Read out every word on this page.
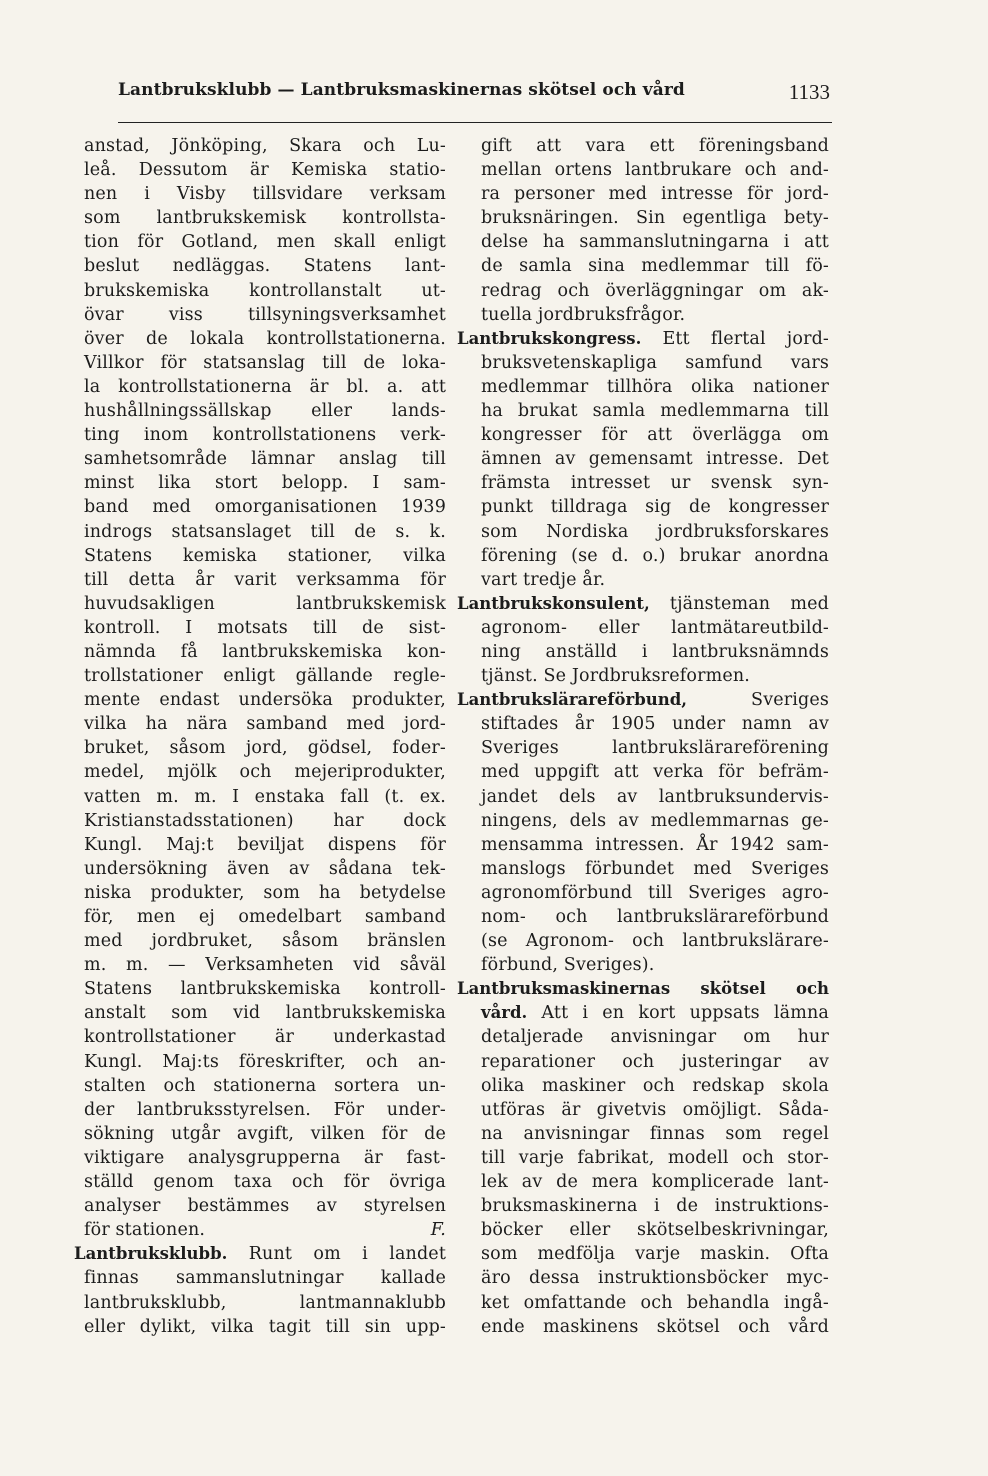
Lantbruksklubb — Lantbruksmaskinernas skötsel och vård	1133
anstad, Jönköping, Skara och Lu-
leå. Dessutom är Kemiska statio-
nen i Visby tillsvidare verksam
som lantbrukskemisk kontrollsta-
tion för Gotland, men skall enligt
beslut nedläggas. Statens lant-
brukskemiska kontrollanstalt ut-
övar viss tillsyningsverksamhet
över de lokala kontrollstationerna.
Villkor för statsanslag till de loka-
la kontrollstationerna är bl. a. att
hushållningssällskap eller lands-
ting inom kontrollstationens verk-
samhetsområde lämnar anslag till
minst lika stort belopp. I sam-
band med omorganisationen 1939
indrogs statsanslaget till de s. k.
Statens kemiska stationer, vilka
till detta år varit verksamma för
huvudsakligen lantbrukskemisk
kontroll. I motsats till de sist-
nämnda få lantbrukskemiska kon-
trollstationer enligt gällande regle-
mente endast undersöka produkter,
vilka ha nära samband med jord-
bruket, såsom jord, gödsel, foder-
medel, mjölk och mejeriprodukter,
vatten m. m. I enstaka fall (t. ex.
Kristianstadsstationen) har dock
Kungl. Maj:t beviljat dispens för
undersökning även av sådana tek-
niska produkter, som ha betydelse
för, men ej omedelbart samband
med jordbruket, såsom bränslen
m. m. — Verksamheten vid såväl
Statens lantbrukskemiska kontroll-
anstalt som vid lantbrukskemiska
kontrollstationer är underkastad
Kungl. Maj:ts föreskrifter, och an-
stalten och stationerna sortera un-
der lantbruksstyrelsen. För under-
sökning utgår avgift, vilken för de
viktigare analysgrupperna är fast-
ställd genom taxa och för övriga
analyser bestämmes av styrelsen
för stationen.	F.
Lantbruksklubb. Runt om i landet
finnas sammanslutningar kallade
lantbruksklubb, lantmannaklubb
eller dylikt, vilka tagit till sin upp-
gift att vara ett föreningsband
mellan ortens lantbrukare och and-
ra personer med intresse för jord-
bruksnäringen. Sin egentliga bety-
delse ha sammanslutningarna i att
de samla sina medlemmar till fö-
redrag och överläggningar om ak-
tuella jordbruksfrågor.
Lantbrukskongress. Ett flertal jord-
bruksvetenskapliga samfund vars
medlemmar tillhöra olika nationer
ha brukat samla medlemmarna till
kongresser för att överlägga om
ämnen av gemensamt intresse. Det
främsta intresset ur svensk syn-
punkt tilldraga sig de kongresser
som Nordiska jordbruksforskares
förening (se d. o.) brukar anordna
vart tredje år.
Lantbrukskonsulent, tjänsteman med
agronom- eller lantmätareutbild-
ning anställd i lantbruksnämnds
tjänst. Se Jordbruksreformen.
Lantbrukslärareförbund, Sveriges
stiftades år 1905 under namn av
Sveriges lantbrukslärareförening
med uppgift att verka för befräm-
jandet dels av lantbruksundervis-
ningens, dels av medlemmarnas ge-
mensamma intressen. År 1942 sam-
manslogs förbundet med Sveriges
agronomförbund till Sveriges agro-
nom- och lantbrukslärareförbund
(se Agronom- och lantbrukslärare-
förbund, Sveriges).
Lantbruksmaskinernas skötsel och
vård. Att i en kort uppsats lämna
detaljerade anvisningar om hur
reparationer och justeringar av
olika maskiner och redskap skola
utföras är givetvis omöjligt. Såda-
na anvisningar finnas som regel
till varje fabrikat, modell och stor-
lek av de mera komplicerade lant-
bruksmaskinerna i de instruktions-
böcker eller skötselbeskrivningar,
som medfölja varje maskin. Ofta
äro dessa instruktionsböcker myc-
ket omfattande och behandla ingå-
ende maskinens skötsel och vård
